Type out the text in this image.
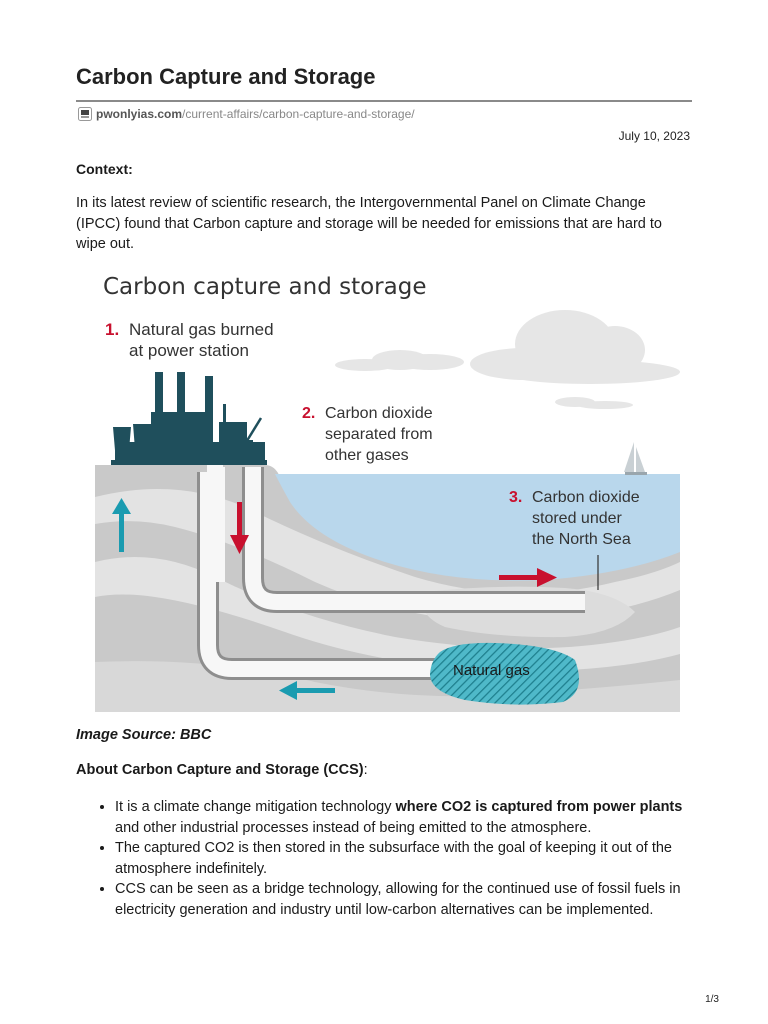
Carbon Capture and Storage
pwonlyias.com/current-affairs/carbon-capture-and-storage/
July 10, 2023
Context:

In its latest review of scientific research, the Intergovernmental Panel on Climate Change (IPCC) found that Carbon capture and storage will be needed for emissions that are hard to wipe out.

Carbon capture and storage
1. Natural gas burned
at power station
2. Carbon dioxide
separated from
other gases
3. Carbon dioxide
stored under
the North Sea
Natural gas
Image Source: BBC
About Carbon Capture and Storage (CCS):
• It is a climate change mitigation technology where CO2 is captured from power plants and other industrial processes instead of being emitted to the atmosphere.
• The captured CO2 is then stored in the subsurface with the goal of keeping it out of the atmosphere indefinitely.
• CCS can be seen as a bridge technology, allowing for the continued use of fossil fuels in electricity generation and industry until low-carbon alternatives can be implemented.
1/3
